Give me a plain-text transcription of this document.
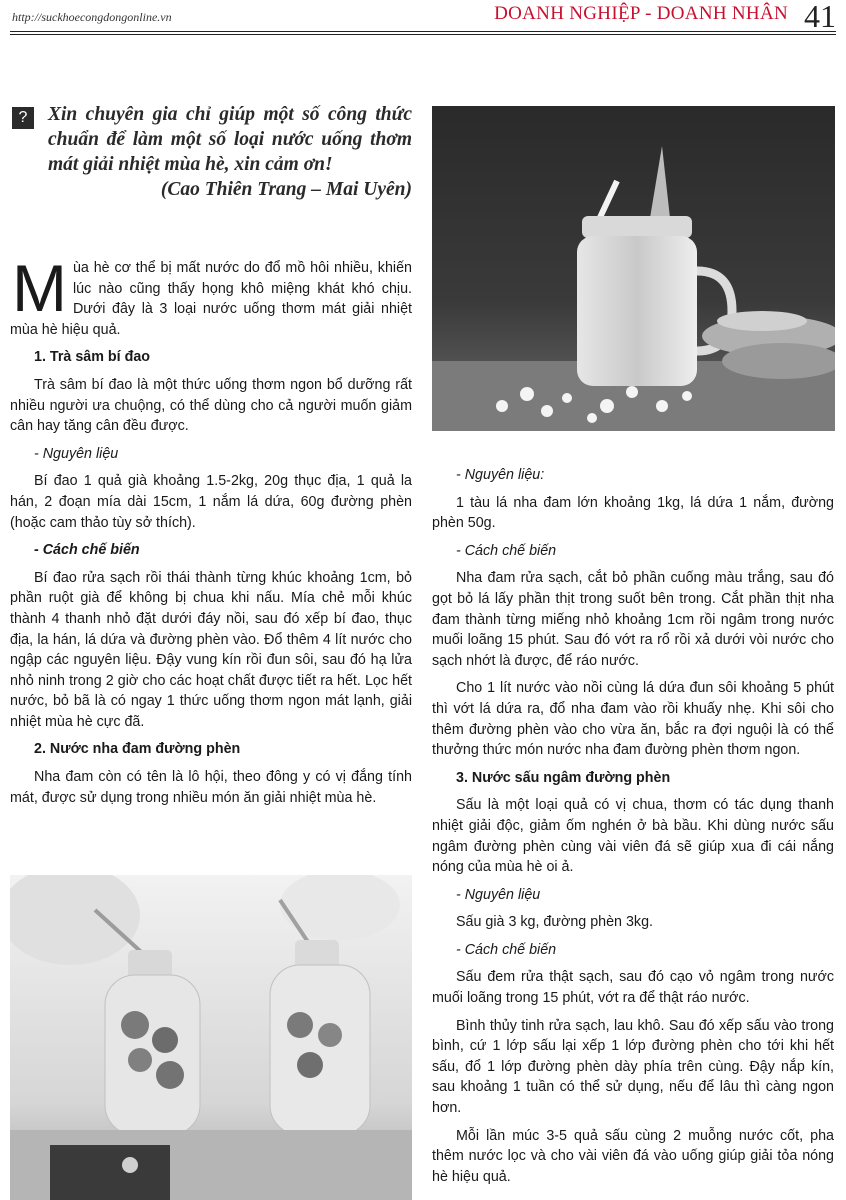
http://suckhoecongdongonline.vn	DOANH NGHIỆP - DOANH NHÂN 41
?	Xin chuyên gia chỉ giúp một số công thức chuẩn để làm một số loại nước uống thơm mát giải nhiệt mùa hè, xin cảm ơn!
(Cao Thiên Trang – Mai Uyên)

Mùa hè cơ thể bị mất nước do đổ mồ hôi nhiều, khiến lúc nào cũng thấy họng khô miệng khát khó chịu. Dưới đây là 3 loại nước uống thơm mát giải nhiệt mùa hè hiệu quả.

1. Trà sâm bí đao

Trà sâm bí đao là một thức uống thơm ngon bổ dưỡng rất nhiều người ưa chuộng, có thể dùng cho cả người muốn giảm cân hay tăng cân đều được.

- Nguyên liệu

Bí đao 1 quả già khoảng 1.5-2kg, 20g thục địa, 1 quả la hán, 2 đoạn mía dài 15cm, 1 nắm lá dứa, 60g đường phèn (hoặc cam thảo tùy sở thích).

- Cách chế biến

Bí đao rửa sạch rồi thái thành từng khúc khoảng 1cm, bỏ phần ruột già để không bị chua khi nấu. Mía chẻ mỗi khúc thành 4 thanh nhỏ đặt dưới đáy nồi, sau đó xếp bí đao, thục địa, la hán, lá dứa và đường phèn vào. Đổ thêm 4 lít nước cho ngập các nguyên liệu. Đậy vung kín rồi đun sôi, sau đó hạ lửa nhỏ ninh trong 2 giờ cho các hoạt chất được tiết ra hết. Lọc hết nước, bỏ bã là có ngay 1 thức uống thơm ngon mát lạnh, giải nhiệt mùa hè cực đã.

2. Nước nha đam đường phèn

Nha đam còn có tên là lô hội, theo đông y có vị đắng tính mát, được sử dụng trong nhiều món ăn giải nhiệt mùa hè.

- Nguyên liệu:

1 tàu lá nha đam lớn khoảng 1kg, lá dứa 1 nắm, đường phèn 50g.

- Cách chế biến

Nha đam rửa sạch, cắt bỏ phần cuống màu trắng, sau đó gọt bỏ lá lấy phần thịt trong suốt bên trong. Cắt phần thịt nha đam thành từng miếng nhỏ khoảng 1cm rồi ngâm trong nước muối loãng 15 phút. Sau đó vớt ra rổ rồi xả dưới vòi nước cho sạch nhớt là được, để ráo nước.

Cho 1 lít nước vào nồi cùng lá dứa đun sôi khoảng 5 phút thì vớt lá dứa ra, đổ nha đam vào rồi khuấy nhẹ. Khi sôi cho thêm đường phèn vào cho vừa ăn, bắc ra đợi nguội là có thể thưởng thức món nước nha đam đường phèn thơm ngon.

3. Nước sấu ngâm đường phèn

Sấu là một loại quả có vị chua, thơm có tác dụng thanh nhiệt giải độc, giảm ốm nghén ở bà bầu. Khi dùng nước sấu ngâm đường phèn cùng vài viên đá sẽ giúp xua đi cái nắng nóng của mùa hè oi ả.

- Nguyên liệu

Sấu già 3 kg, đường phèn 3kg.

- Cách chế biến

Sấu đem rửa thật sạch, sau đó cạo vỏ ngâm trong nước muối loãng trong 15 phút, vớt ra để thật ráo nước.

Bình thủy tinh rửa sạch, lau khô. Sau đó xếp sấu vào trong bình, cứ 1 lớp sấu lại xếp 1 lớp đường phèn cho tới khi hết sấu, đổ 1 lớp đường phèn dày phía trên cùng. Đậy nắp kín, sau khoảng 1 tuần có thể sử dụng, nếu để lâu thì càng ngon hơn.

Mỗi lần múc 3-5 quả sấu cùng 2 muỗng nước cốt, pha thêm nước lọc và cho vài viên đá vào uống giúp giải tỏa nóng hè hiệu quả.
